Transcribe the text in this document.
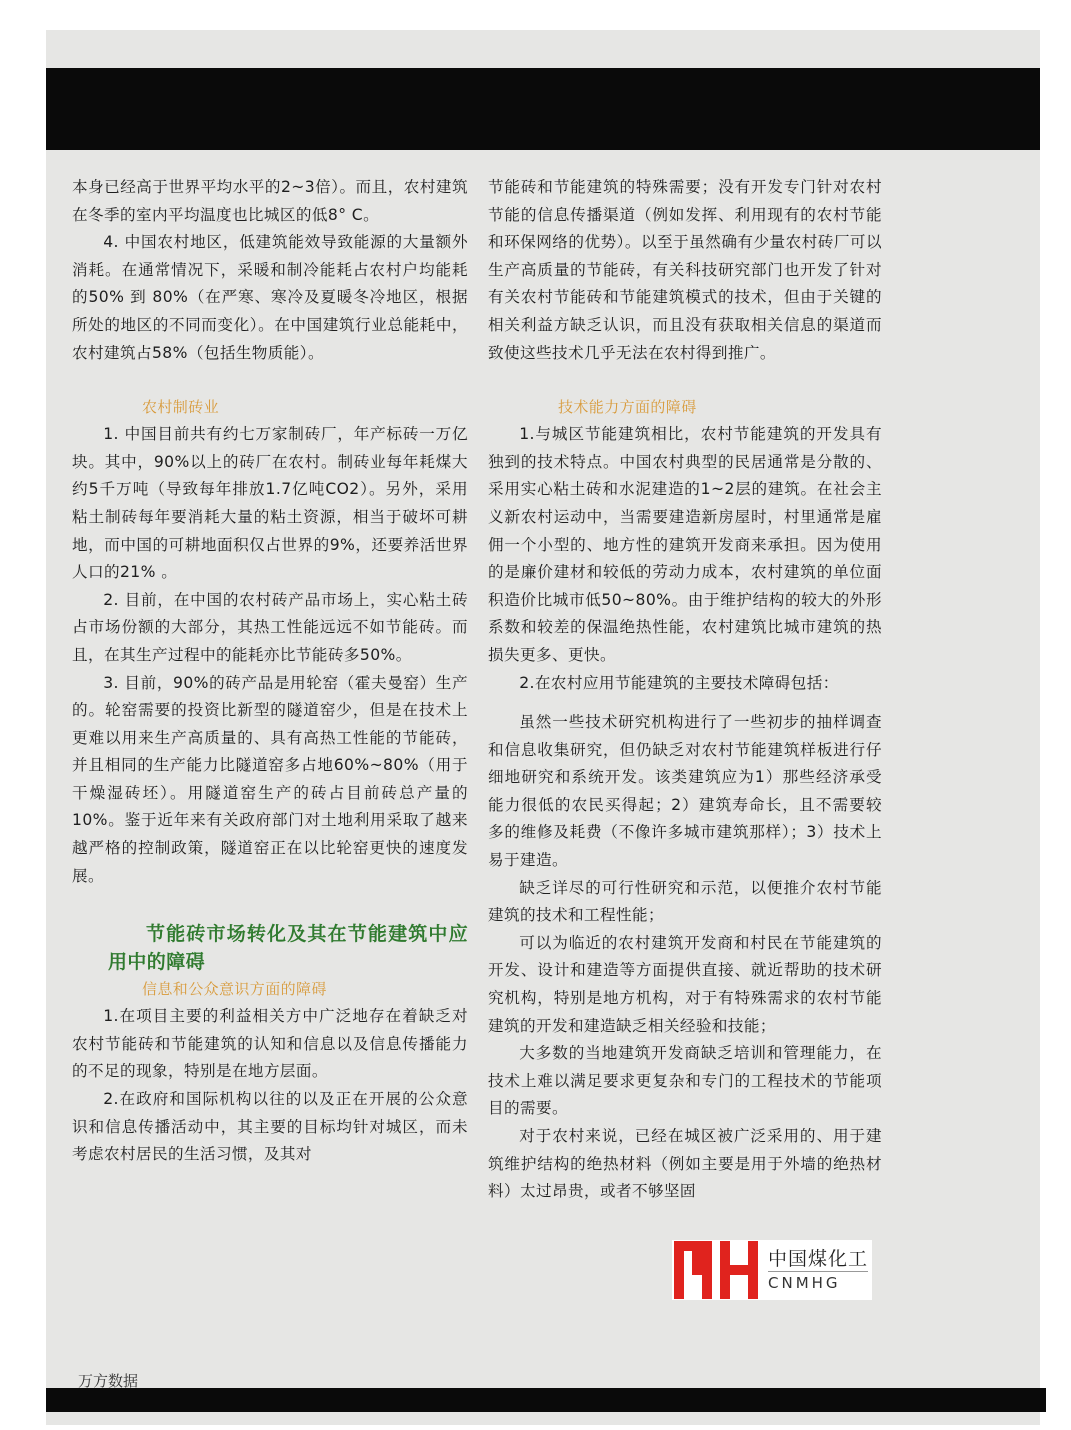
本身已经高于世界平均水平的2~3倍）。而且，农村建筑在冬季的室内平均温度也比城区的低8° C。

4. 中国农村地区，低建筑能效导致能源的大量额外消耗。在通常情况下，采暖和制冷能耗占农村户均能耗的50% 到 80%（在严寒、寒冷及夏暖冬冷地区，根据所处的地区的不同而变化）。在中国建筑行业总能耗中，农村建筑占58%（包括生物质能）。

农村制砖业

1. 中国目前共有约七万家制砖厂，年产标砖一万亿块。其中，90%以上的砖厂在农村。制砖业每年耗煤大约5千万吨（导致每年排放1.7亿吨CO2）。另外，采用粘土制砖每年要消耗大量的粘土资源，相当于破坏可耕地，而中国的可耕地面积仅占世界的9%，还要养活世界人口的21% 。

2. 目前，在中国的农村砖产品市场上，实心粘土砖占市场份额的大部分，其热工性能远远不如节能砖。而且，在其生产过程中的能耗亦比节能砖多50%。

3. 目前，90%的砖产品是用轮窑（霍夫曼窑）生产的。轮窑需要的投资比新型的隧道窑少，但是在技术上更难以用来生产高质量的、具有高热工性能的节能砖，并且相同的生产能力比隧道窑多占地60%~80%（用于干燥湿砖坯）。用隧道窑生产的砖占目前砖总产量的10%。鉴于近年来有关政府部门对土地利用采取了越来越严格的控制政策，隧道窑正在以比轮窑更快的速度发展。

节能砖市场转化及其在节能建筑中应用中的障碍

信息和公众意识方面的障碍

1.在项目主要的利益相关方中广泛地存在着缺乏对农村节能砖和节能建筑的认知和信息以及信息传播能力的不足的现象，特别是在地方层面。

2.在政府和国际机构以往的以及正在开展的公众意识和信息传播活动中，其主要的目标均针对城区，而未考虑农村居民的生活习惯，及其对

节能砖和节能建筑的特殊需要；没有开发专门针对农村节能的信息传播渠道（例如发挥、利用现有的农村节能和环保网络的优势）。以至于虽然确有少量农村砖厂可以生产高质量的节能砖，有关科技研究部门也开发了针对有关农村节能砖和节能建筑模式的技术，但由于关键的相关利益方缺乏认识，而且没有获取相关信息的渠道而致使这些技术几乎无法在农村得到推广。

技术能力方面的障碍

1.与城区节能建筑相比，农村节能建筑的开发具有独到的技术特点。中国农村典型的民居通常是分散的、采用实心粘土砖和水泥建造的1~2层的建筑。在社会主义新农村运动中，当需要建造新房屋时，村里通常是雇佣一个小型的、地方性的建筑开发商来承担。因为使用的是廉价建材和较低的劳动力成本，农村建筑的单位面积造价比城市低50~80%。由于维护结构的较大的外形系数和较差的保温绝热性能，农村建筑比城市建筑的热损失更多、更快。

2.在农村应用节能建筑的主要技术障碍包括：

虽然一些技术研究机构进行了一些初步的抽样调查和信息收集研究，但仍缺乏对农村节能建筑样板进行仔细地研究和系统开发。该类建筑应为1）那些经济承受能力很低的农民买得起；2）建筑寿命长，且不需要较多的维修及耗费（不像许多城市建筑那样）；3）技术上易于建造。

缺乏详尽的可行性研究和示范，以便推介农村节能建筑的技术和工程性能；

可以为临近的农村建筑开发商和村民在节能建筑的开发、设计和建造等方面提供直接、就近帮助的技术研究机构，特别是地方机构，对于有特殊需求的农村节能建筑的开发和建造缺乏相关经验和技能；

大多数的当地建筑开发商缺乏培训和管理能力，在技术上难以满足要求更复杂和专门的工程技术的节能项目的需要。

对于农村来说，已经在城区被广泛采用的、用于建筑维护结构的绝热材料（例如主要是用于外墙的绝热材料）太过昂贵，或者不够坚固

中国煤化工
CNMHG
万方数据
